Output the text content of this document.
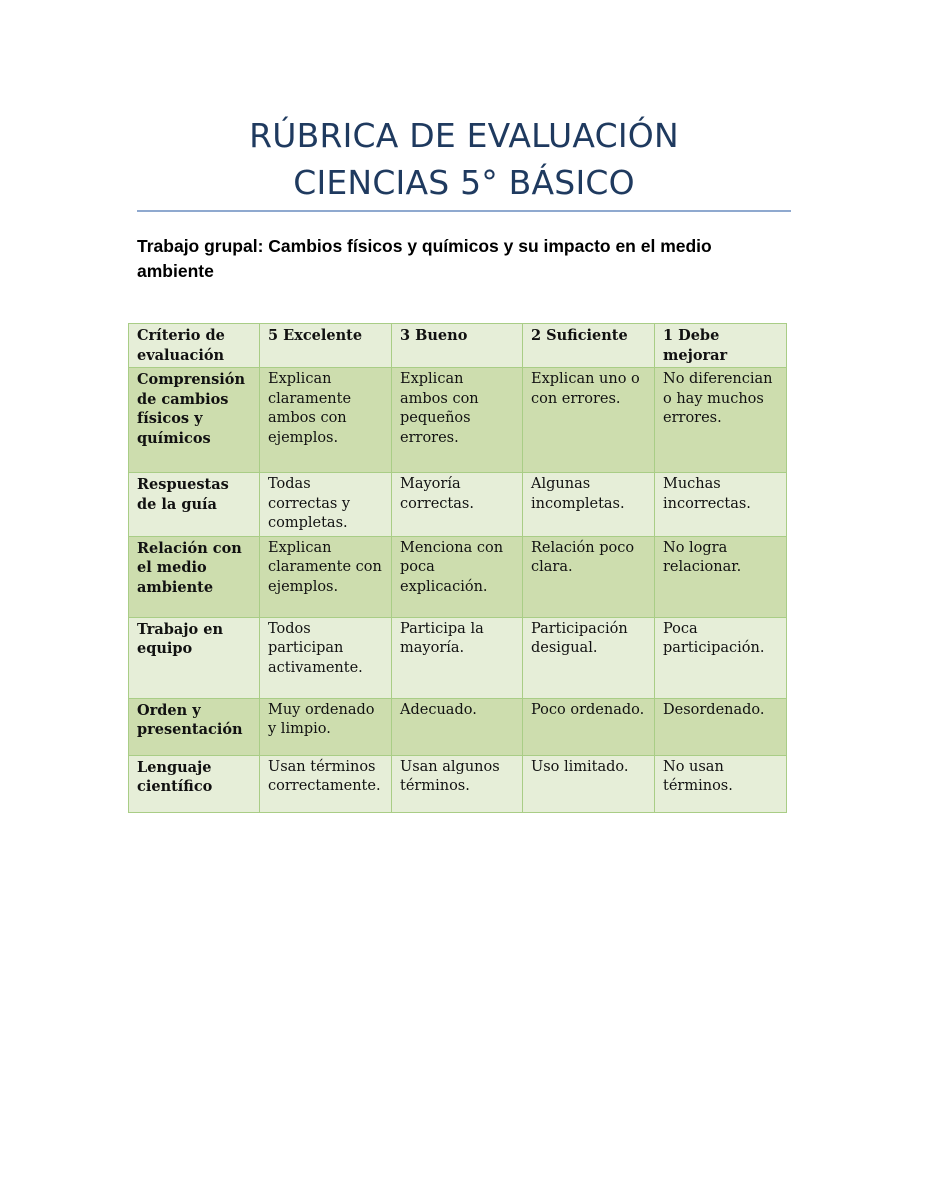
RÚBRICA DE EVALUACIÓN
CIENCIAS 5° BÁSICO
Trabajo grupal: Cambios físicos y químicos y su impacto en el medio ambiente
Críterio de evaluación	5 Excelente	3 Bueno	2 Suficiente	1 Debe mejorar
Comprensión de cambios físicos y químicos	Explican claramente ambos con ejemplos.	Explican ambos con pequeños errores.	Explican uno o con errores.	No diferencian o hay muchos errores.
Respuestas de la guía	Todas correctas y completas.	Mayoría correctas.	Algunas incompletas.	Muchas incorrectas.
Relación con el medio ambiente	Explican claramente con ejemplos.	Menciona con poca explicación.	Relación poco clara.	No logra relacionar.
Trabajo en equipo	Todos participan activamente.	Participa la mayoría.	Participación desigual.	Poca participación.
Orden y presentación	Muy ordenado y limpio.	Adecuado.	Poco ordenado.	Desordenado.
Lenguaje científico	Usan términos correctamente.	Usan algunos términos.	Uso limitado.	No usan términos.
